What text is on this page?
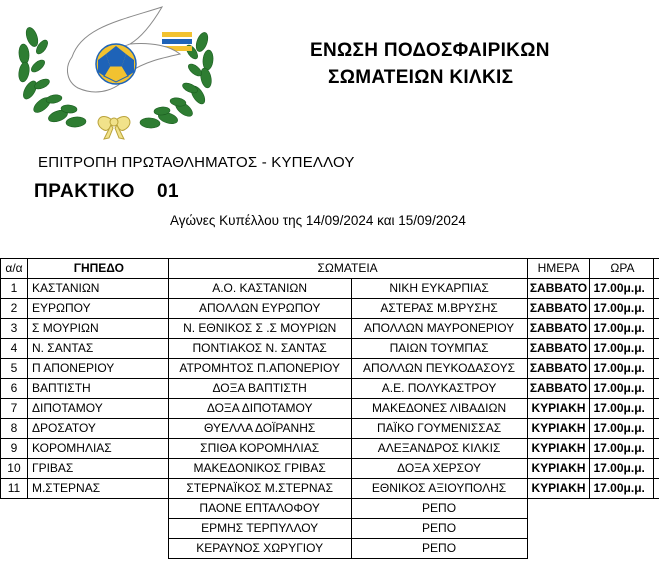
ΕΝΩΣΗ ΠΟΔΟΣΦΑΙΡΙΚΩΝ
ΣΩΜΑΤΕΙΩΝ ΚΙΛΚΙΣ
ΕΠΙΤΡΟΠΗ ΠΡΩΤΑΘΛΗΜΑΤΟΣ - ΚΥΠΕΛΛΟΥ
ΠΡΑΚΤΙΚΟ 01
Αγώνες Κυπέλλου της 14/09/2024 και 15/09/2024
α/α	ΓΗΠΕΔΟ	ΣΩΜΑΤΕΙΑ		ΗΜΕΡΑ	ΩΡΑ	
1	ΚΑΣΤΑΝΙΩΝ	Α.Ο. ΚΑΣΤΑΝΙΩΝ	ΝΙΚΗ ΕΥΚΑΡΠΙΑΣ	ΣΑΒΒΑΤΟ	17.00μ.μ.	
2	ΕΥΡΩΠΟΥ	ΑΠΟΛΛΩΝ ΕΥΡΩΠΟΥ	ΑΣΤΕΡΑΣ Μ.ΒΡΥΣΗΣ	ΣΑΒΒΑΤΟ	17.00μ.μ.	
3	Σ ΜΟΥΡΙΩΝ	Ν. ΕΘΝΙΚΟΣ Σ .Σ ΜΟΥΡΙΩΝ	ΑΠΟΛΛΩΝ ΜΑΥΡΟΝΕΡΙΟΥ	ΣΑΒΒΑΤΟ	17.00μ.μ.	
4	Ν. ΣΑΝΤΑΣ	ΠΟΝΤΙΑΚΟΣ Ν. ΣΑΝΤΑΣ	ΠΑΙΩΝ ΤΟΥΜΠΑΣ	ΣΑΒΒΑΤΟ	17.00μ.μ.	
5	Π ΑΠΟΝΕΡΙΟΥ	ΑΤΡΟΜΗΤΟΣ Π.ΑΠΟΝΕΡΙΟΥ	ΑΠΟΛΛΩΝ ΠΕΥΚΟΔΑΣΟΥΣ	ΣΑΒΒΑΤΟ	17.00μ.μ.	
6	ΒΑΠΤΙΣΤΗ	ΔΟΞΑ ΒΑΠΤΙΣΤΗ	Α.Ε. ΠΟΛΥΚΑΣΤΡΟΥ	ΣΑΒΒΑΤΟ	17.00μ.μ.	
7	ΔΙΠΟΤΑΜΟΥ	ΔΟΞΑ ΔΙΠΟΤΑΜΟΥ	ΜΑΚΕΔΟΝΕΣ ΛΙΒΑΔΙΩΝ	ΚΥΡΙΑΚΗ	17.00μ.μ.	
8	ΔΡΟΣΑΤΟΥ	ΘΥΕΛΛΑ ΔΟΪΡΑΝΗΣ	ΠΑΪΚΟ ΓΟΥΜΕΝΙΣΣΑΣ	ΚΥΡΙΑΚΗ	17.00μ.μ.	
9	ΚΟΡΟΜΗΛΙΑΣ	ΣΠΙΘΑ ΚΟΡΟΜΗΛΙΑΣ	ΑΛΕΞΑΝΔΡΟΣ ΚΙΛΚΙΣ	ΚΥΡΙΑΚΗ	17.00μ.μ.	
10	ΓΡΙΒΑΣ	ΜΑΚΕΔΟΝΙΚΟΣ ΓΡΙΒΑΣ	ΔΟΞΑ ΧΕΡΣΟΥ	ΚΥΡΙΑΚΗ	17.00μ.μ.	
11	Μ.ΣΤΕΡΝΑΣ	ΣΤΕΡΝΑΪΚΟΣ Μ.ΣΤΕΡΝΑΣ	ΕΘΝΙΚΟΣ ΑΞΙΟΥΠΟΛΗΣ	ΚΥΡΙΑΚΗ	17.00μ.μ.	
		ΠΑΟΝΕ ΕΠΤΑΛΟΦΟΥ	ΡΕΠΟ			
		ΕΡΜΗΣ ΤΕΡΠΥΛΛΟΥ	ΡΕΠΟ			
		ΚΕΡΑΥΝΟΣ ΧΩΡΥΓΙΟΥ	ΡΕΠΟ			
